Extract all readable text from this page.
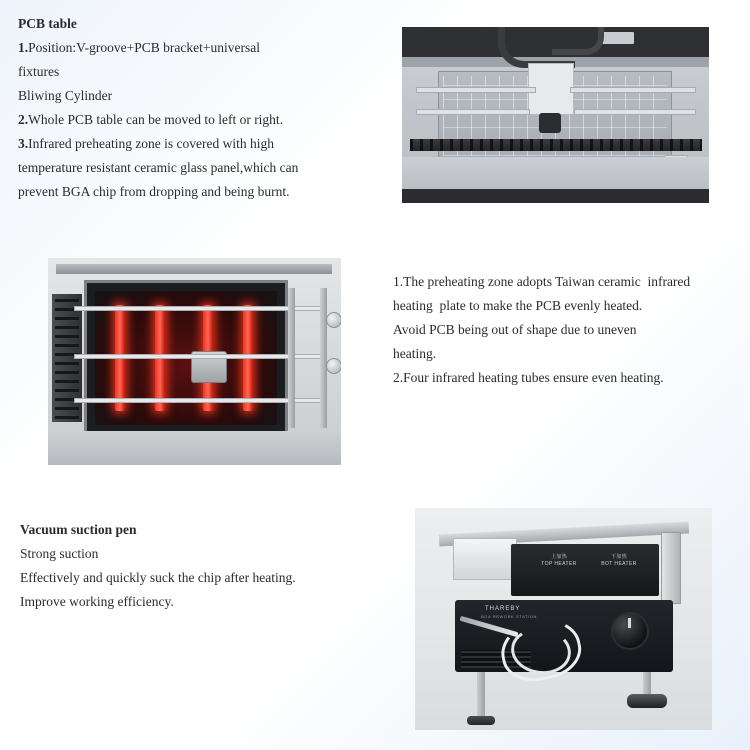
PCB table
1.Position:V-groove+PCB bracket+universal
fixtures
Bliwing Cylinder
2.Whole PCB table can be moved to left or right.
3.Infrared preheating zone is covered with high
temperature resistant ceramic glass panel,which can
prevent BGA chip from dropping and being burnt.
1.The preheating zone adopts Taiwan ceramic  infrared
heating  plate to make the PCB evenly heated.
Avoid PCB being out of shape due to uneven
heating.
2.Four infrared heating tubes ensure even heating.
Vacuum suction pen
Strong suction
Effectively and quickly suck the chip after heating.
Improve working efficiency.
上加热
TOP HEATER
下加热
BOT HEATER
THAREBY
BGA REWORK STATION
